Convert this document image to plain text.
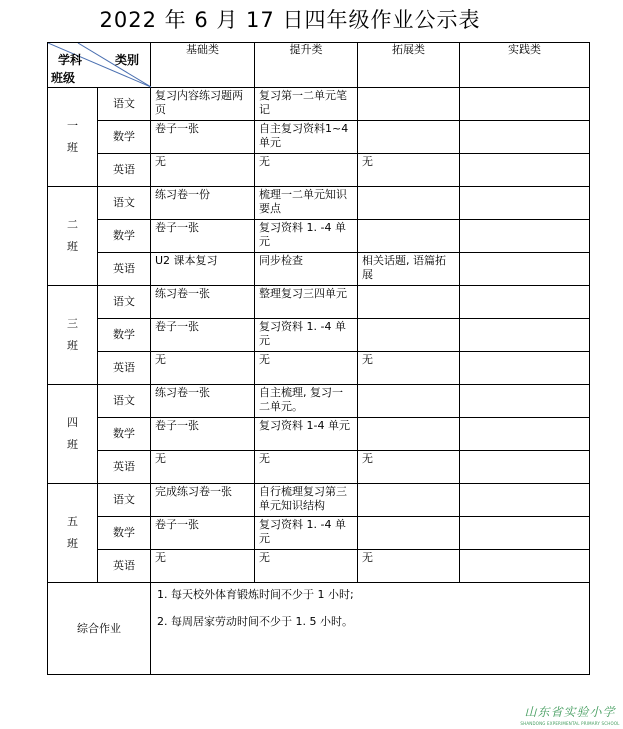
2022 年 6 月 17 日四年级作业公示表
学科 类别
班级		基础类	提升类	拓展类	实践类

一
班	语文	复习内容练习题两页	复习第一二单元笔记		
	数学	卷子一张	自主复习资料1~4单元		
	英语	无	无	无	

二
班	语文	练习卷一份	梳理一二单元知识要点		
	数学	卷子一张	复习资料 1. -4 单元		
	英语	U2 课本复习	同步检查	相关话题, 语篇拓展	

三
班	语文	练习卷一张	整理复习三四单元		
	数学	卷子一张	复习资料 1. -4 单元		
	英语	无	无	无	

四
班	语文	练习卷一张	自主梳理, 复习一二单元。		
	数学	卷子一张	复习资料 1-4 单元		
	英语	无	无	无	

五
班	语文	完成练习卷一张	自行梳理复习第三单元知识结构		
	数学	卷子一张	复习资料 1. -4 单元		
	英语	无	无	无	
综合作业		1. 每天校外体育锻炼时间不少于 1 小时;
2. 每周居家劳动时间不少于 1. 5 小时。			
山东省实验小学
SHANDONG EXPERIMENTAL PRIMARY SCHOOL
